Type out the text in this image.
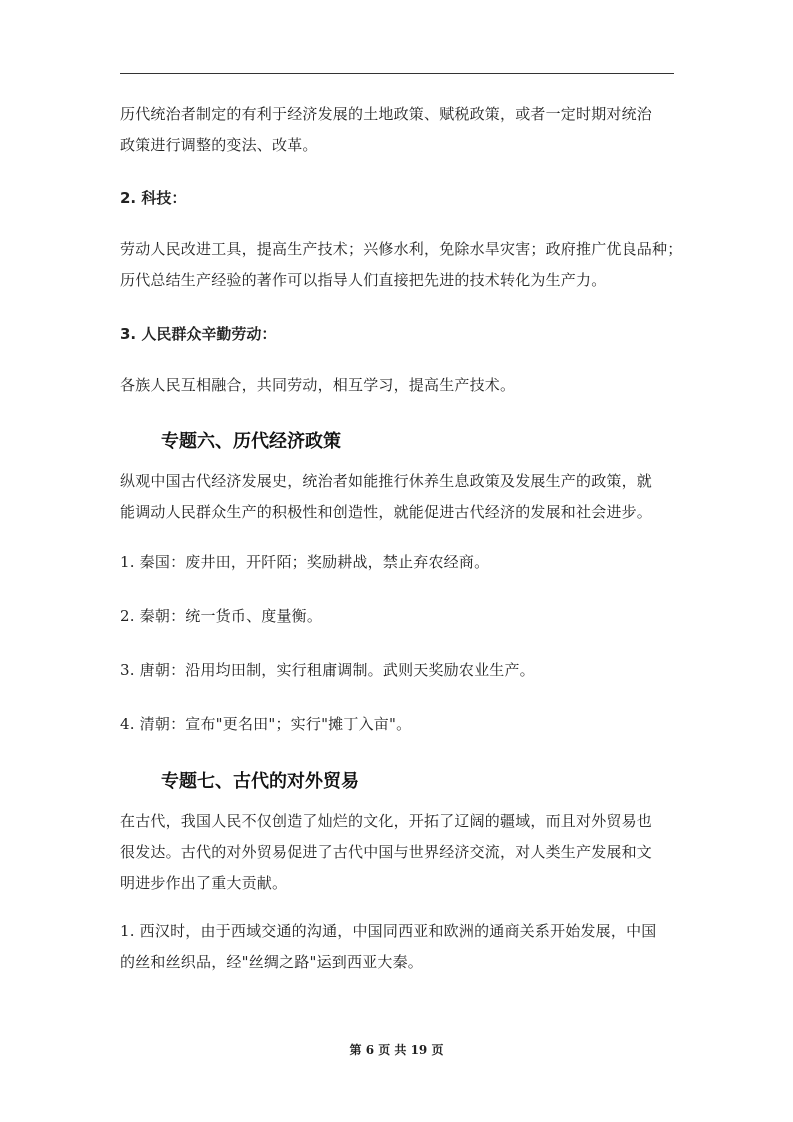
历代统治者制定的有利于经济发展的土地政策、赋税政策，或者一定时期对统治
政策进行调整的变法、改革。
2. 科技：
劳动人民改进工具，提高生产技术；兴修水利，免除水旱灾害；政府推广优良品种；
历代总结生产经验的著作可以指导人们直接把先进的技术转化为生产力。
3. 人民群众辛勤劳动：
各族人民互相融合，共同劳动，相互学习，提高生产技术。
专题六、历代经济政策
纵观中国古代经济发展史，统治者如能推行休养生息政策及发展生产的政策，就
能调动人民群众生产的积极性和创造性，就能促进古代经济的发展和社会进步。
1. 秦国：废井田，开阡陌；奖励耕战，禁止弃农经商。
2. 秦朝：统一货币、度量衡。
3. 唐朝：沿用均田制，实行租庸调制。武则天奖励农业生产。
4. 清朝：宣布"更名田"；实行"摊丁入亩"。
专题七、古代的对外贸易
在古代，我国人民不仅创造了灿烂的文化，开拓了辽阔的疆域，而且对外贸易也
很发达。古代的对外贸易促进了古代中国与世界经济交流，对人类生产发展和文
明进步作出了重大贡献。
1. 西汉时，由于西域交通的沟通，中国同西亚和欧洲的通商关系开始发展，中国
的丝和丝织品，经"丝绸之路"运到西亚大秦。
第 6 页 共 19 页
